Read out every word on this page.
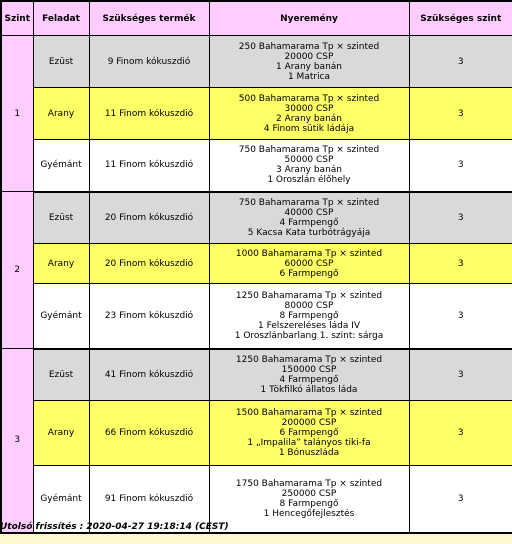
Szint	Feladat	Szükséges termék	Nyeremény	Szükséges szint
1	Ezüst	9 Finom kókuszdió	250 Bahamarama Tp × szinted
20000 CSP
1 Arany banán
1 Matrica	3
	Arany	11 Finom kókuszdió	500 Bahamarama Tp × szinted
30000 CSP
2 Arany banán
4 Finom sütik ládája	3
	Gyémánt	11 Finom kókuszdió	750 Bahamarama Tp × szinted
50000 CSP
3 Arany banán
1 Oroszlán élőhely	3
2	Ezüst	20 Finom kókuszdió	750 Bahamarama Tp × szinted
40000 CSP
4 Farmpengő
5 Kacsa Kata turbótrágyája	3
	Arany	20 Finom kókuszdió	1000 Bahamarama Tp × szinted
60000 CSP
6 Farmpengő	3
	Gyémánt	23 Finom kókuszdió	1250 Bahamarama Tp × szinted
80000 CSP
8 Farmpengő
1 Felszereléses láda IV
1 Oroszlánbarlang 1. szint: sárga	3
3	Ezüst	41 Finom kókuszdió	1250 Bahamarama Tp × szinted
150000 CSP
4 Farmpengő
1 Tökfilkó állatos láda	3
	Arany	66 Finom kókuszdió	1500 Bahamarama Tp × szinted
200000 CSP
6 Farmpengő
1 „Impalila” talányos tiki-fa
1 Bónuszláda	3
	Gyémánt	91 Finom kókuszdió	1750 Bahamarama Tp × szinted
250000 CSP
8 Farmpengő
1 Hencegőfejlesztés	3
Utolsó frissítés : 2020-04-27 19:18:14 (CEST)
